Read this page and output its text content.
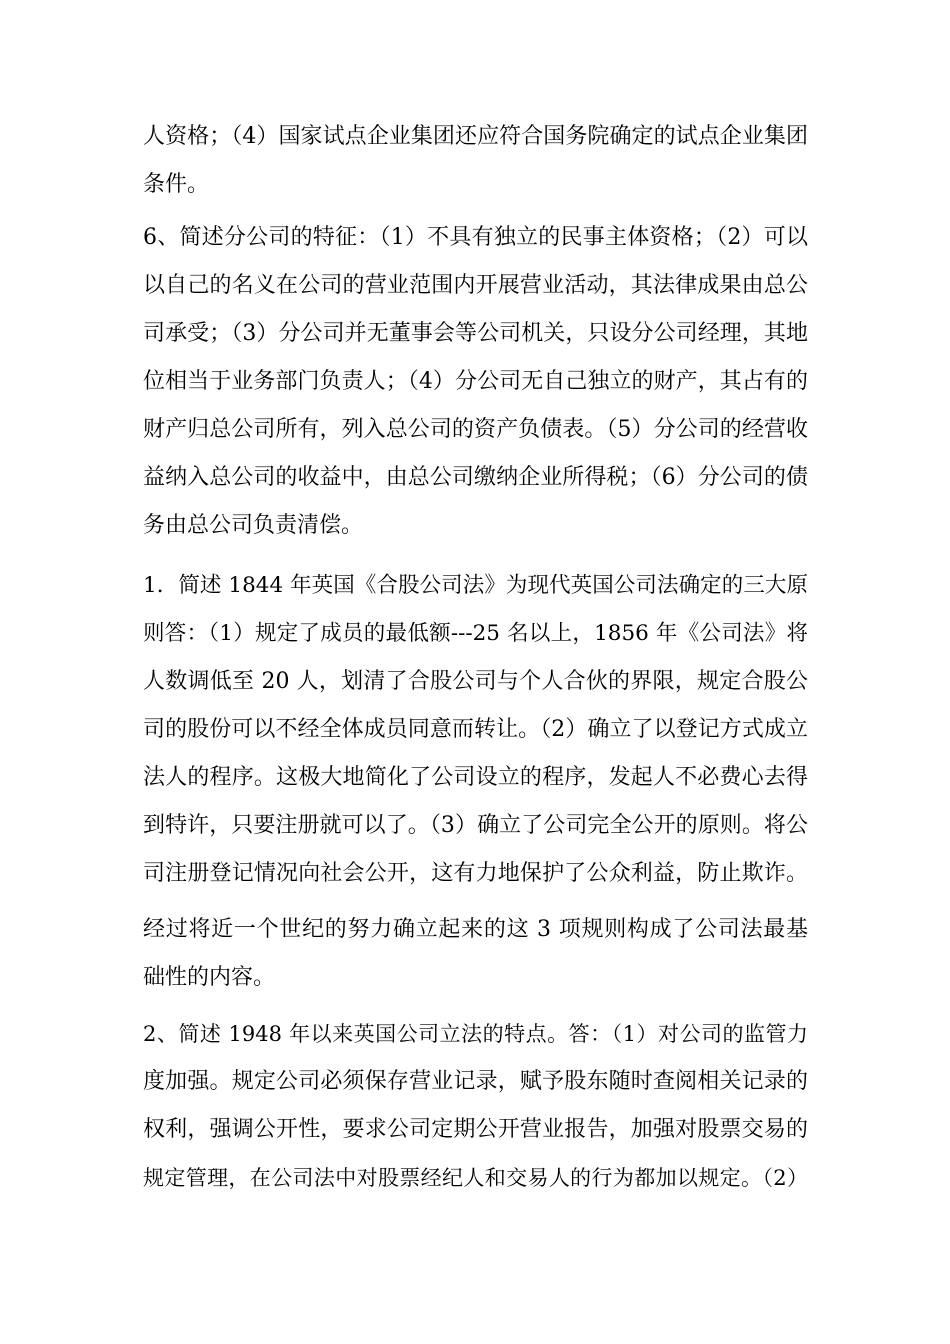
人资格；（4）国家试点企业集团还应符合国务院确定的试点企业集团
条件。
6、简述分公司的特征：（1）不具有独立的民事主体资格；（2）可以
以自己的名义在公司的营业范围内开展营业活动，其法律成果由总公
司承受；（3）分公司并无董事会等公司机关，只设分公司经理，其地
位相当于业务部门负责人；（4）分公司无自己独立的财产，其占有的
财产归总公司所有，列入总公司的资产负债表。（5）分公司的经营收
益纳入总公司的收益中，由总公司缴纳企业所得税；（6）分公司的债
务由总公司负责清偿。
1．简述 1844 年英国《合股公司法》为现代英国公司法确定的三大原
则答：（1）规定了成员的最低额---25 名以上，1856 年《公司法》将
人数调低至 20 人，划清了合股公司与个人合伙的界限，规定合股公
司的股份可以不经全体成员同意而转让。（2）确立了以登记方式成立
法人的程序。这极大地简化了公司设立的程序，发起人不必费心去得
到特许，只要注册就可以了。（3）确立了公司完全公开的原则。将公
司注册登记情况向社会公开，这有力地保护了公众利益，防止欺诈。
经过将近一个世纪的努力确立起来的这 3 项规则构成了公司法最基
础性的内容。
2、简述 1948 年以来英国公司立法的特点。答：（1）对公司的监管力
度加强。规定公司必须保存营业记录，赋予股东随时查阅相关记录的
权利，强调公开性，要求公司定期公开营业报告，加强对股票交易的
规定管理，在公司法中对股票经纪人和交易人的行为都加以规定。（2）
